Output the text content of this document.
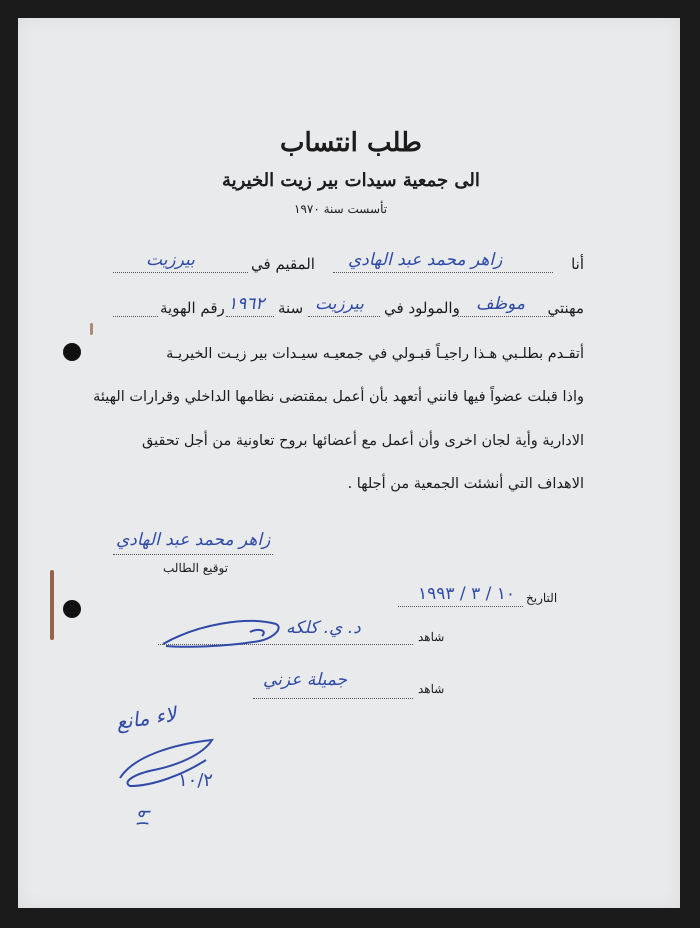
طلب انتساب
الى جمعية سيدات بير زيت الخيرية
تأسست سنة ١٩٧٠
أنا
زاهر محمد عبد الهادي
المقيم في
بيرزيت
مهنتي
موظف
والمولود في
بيرزيت
سنة
١٩٦٢
رقم الهوية
أتقـدم بطلـبي هـذا راجيـاً قبـولي في جمعيـه سيـدات بير زيـت الخيريـة
واذا قبلت عضواً فيها فانني أتعهد بأن أعمل بمقتضى نظامها الداخلي وقرارات الهيئة
الادارية وأية لجان اخرى وأن أعمل مع أعضائها بروح تعاونية من أجل تحقيق
الاهداف التي أنشئت الجمعية من أجلها .
زاهر محمد عبد الهادي
توقيع الطالب
التاريخ
١٠ / ٣ / ١٩٩٣
شاهد
د. ي. كلكه
شاهد
جميلة عزني
لاء مانع
١٠/٢
١٩
